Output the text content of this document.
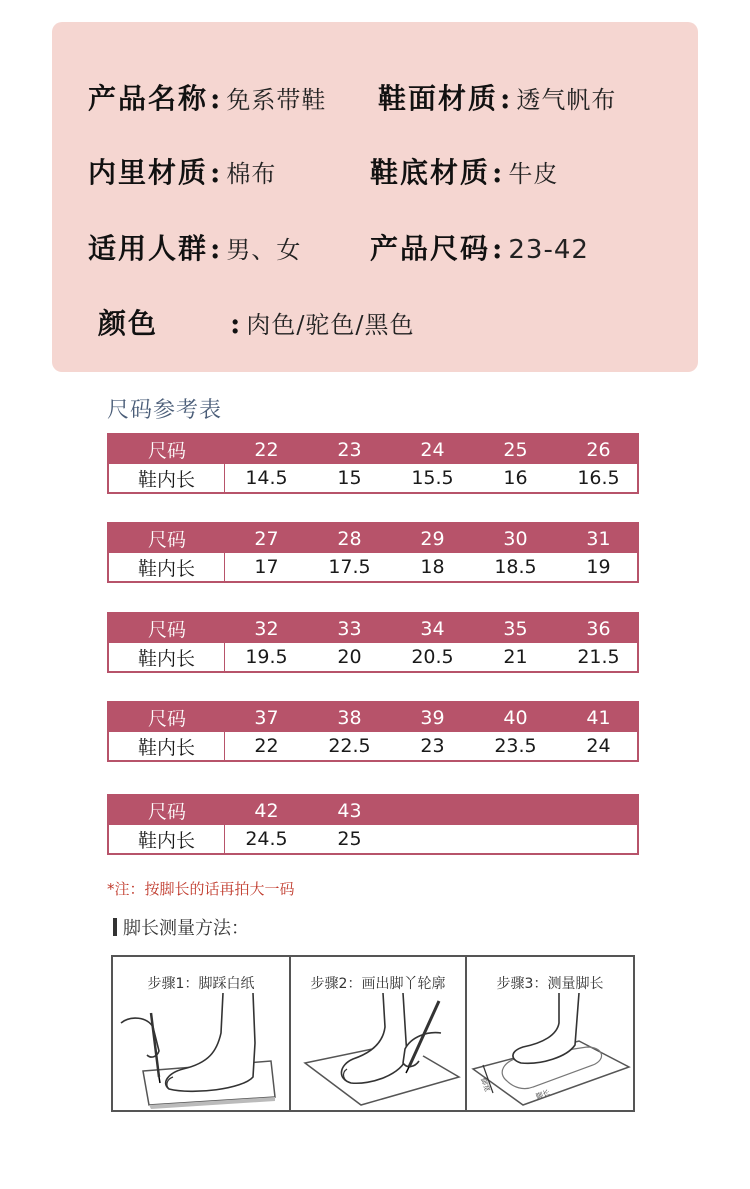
产品名称 : 免系带鞋 鞋面材质 : 透气帆布
内里材质 : 棉布	鞋底材质 : 牛皮
适用人群 : 男、女 产品尺码 : 23-42
颜色	: 肉色/驼色/黑色
尺码参考表
尺码	22	23	24	25	26
鞋内长	14.5	15	15.5	16	16.5
尺码	27	28	29	30	31
鞋内长	17	17.5	18	18.5	19
尺码	32	33	34	35	36
鞋内长	19.5	20	20.5	21	21.5
尺码	37	38	39	40	41
鞋内长	22	22.5	23	23.5	24
尺码	42	43
鞋内长	24.5	25
*注：按脚长的话再拍大一码
脚长测量方法：
步骤1：脚踩白纸	步骤2：画出脚丫轮廓	步骤3：测量脚长
脚宽
脚长
